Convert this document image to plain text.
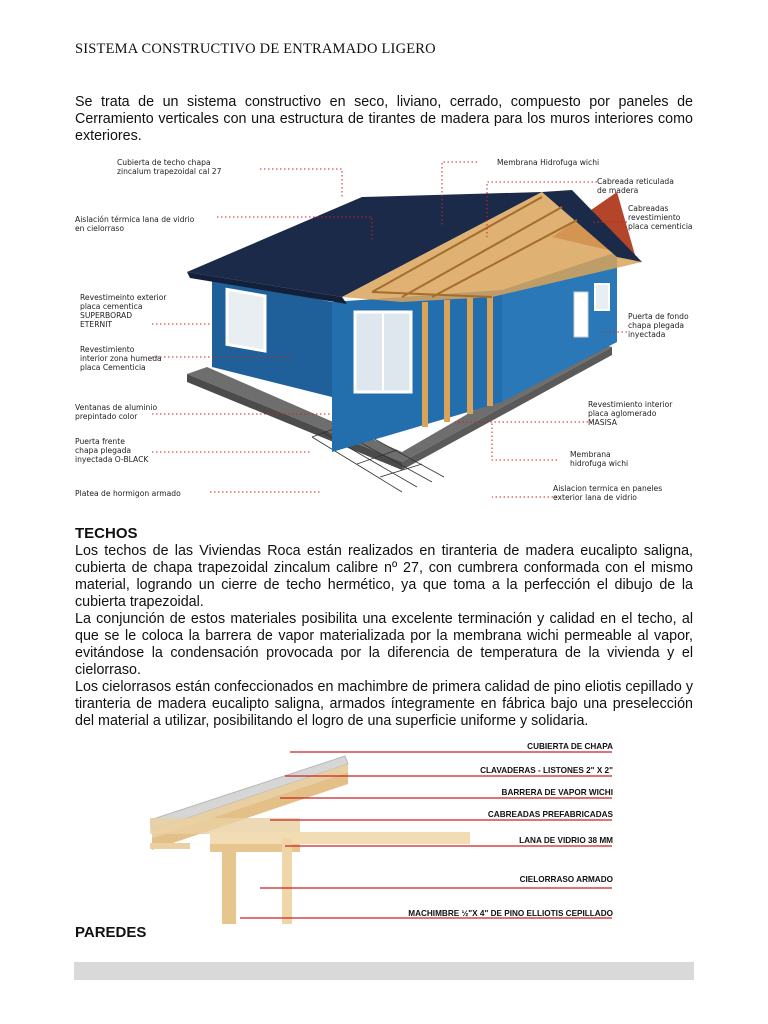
SISTEMA CONSTRUCTIVO DE ENTRAMADO LIGERO
Se trata de un sistema constructivo en seco, liviano, cerrado, compuesto por paneles de Cerramiento verticales con una estructura de tirantes de madera para los muros interiores como exteriores.
Cubierta de techo chapa zincalum trapezoidal cal 27
Aislación térmica lana de vidrio en cielorraso
Revestimeinto exterior placa cementica SUPERBORAD ETERNIT
Revestimiento interior zona humeda placa Cementicia
Ventanas de aluminio prepintado color
Puerta frente chapa plegada inyectada O-BLACK
Platea de hormigon armado
Membrana Hidrofuga wichi
Cabreada reticulada de madera
Cabreadas revestimiento placa cementicia
Puerta de fondo chapa plegada inyectada
Revestimiento interior placa aglomerado MASISA
Membrana hidrofuga wichi
Aislacion termica en paneles exterior lana de vidrio
TECHOS

Los techos de las Viviendas Roca están realizados en tiranteria de madera eucalipto saligna, cubierta de chapa trapezoidal zincalum calibre nº 27, con cumbrera conformada con el mismo material, logrando un cierre de techo hermético, ya que toma a la perfección el dibujo de la cubierta trapezoidal.

La conjunción de estos materiales posibilita una excelente terminación y calidad en el techo, al que se le coloca la barrera de vapor materializada por la membrana wichi permeable al vapor, evitándose la condensación provocada por la diferencia de temperatura de la vivienda y el cielorraso.

Los cielorrasos están confeccionados en machimbre de primera calidad de pino eliotis cepillado y tiranteria de madera eucalipto saligna, armados íntegramente en fábrica bajo una preselección del material a utilizar, posibilitando el logro de una superficie uniforme y solidaria.

CUBIERTA DE CHAPA
CLAVADERAS - LISTONES 2" X 2"
BARRERA DE VAPOR WICHI
CABREADAS PREFABRICADAS
LANA DE VIDRIO 38 MM
CIELORRASO ARMADO
MACHIMBRE ½"X 4" DE PINO ELLIOTIS CEPILLADO
PAREDES
